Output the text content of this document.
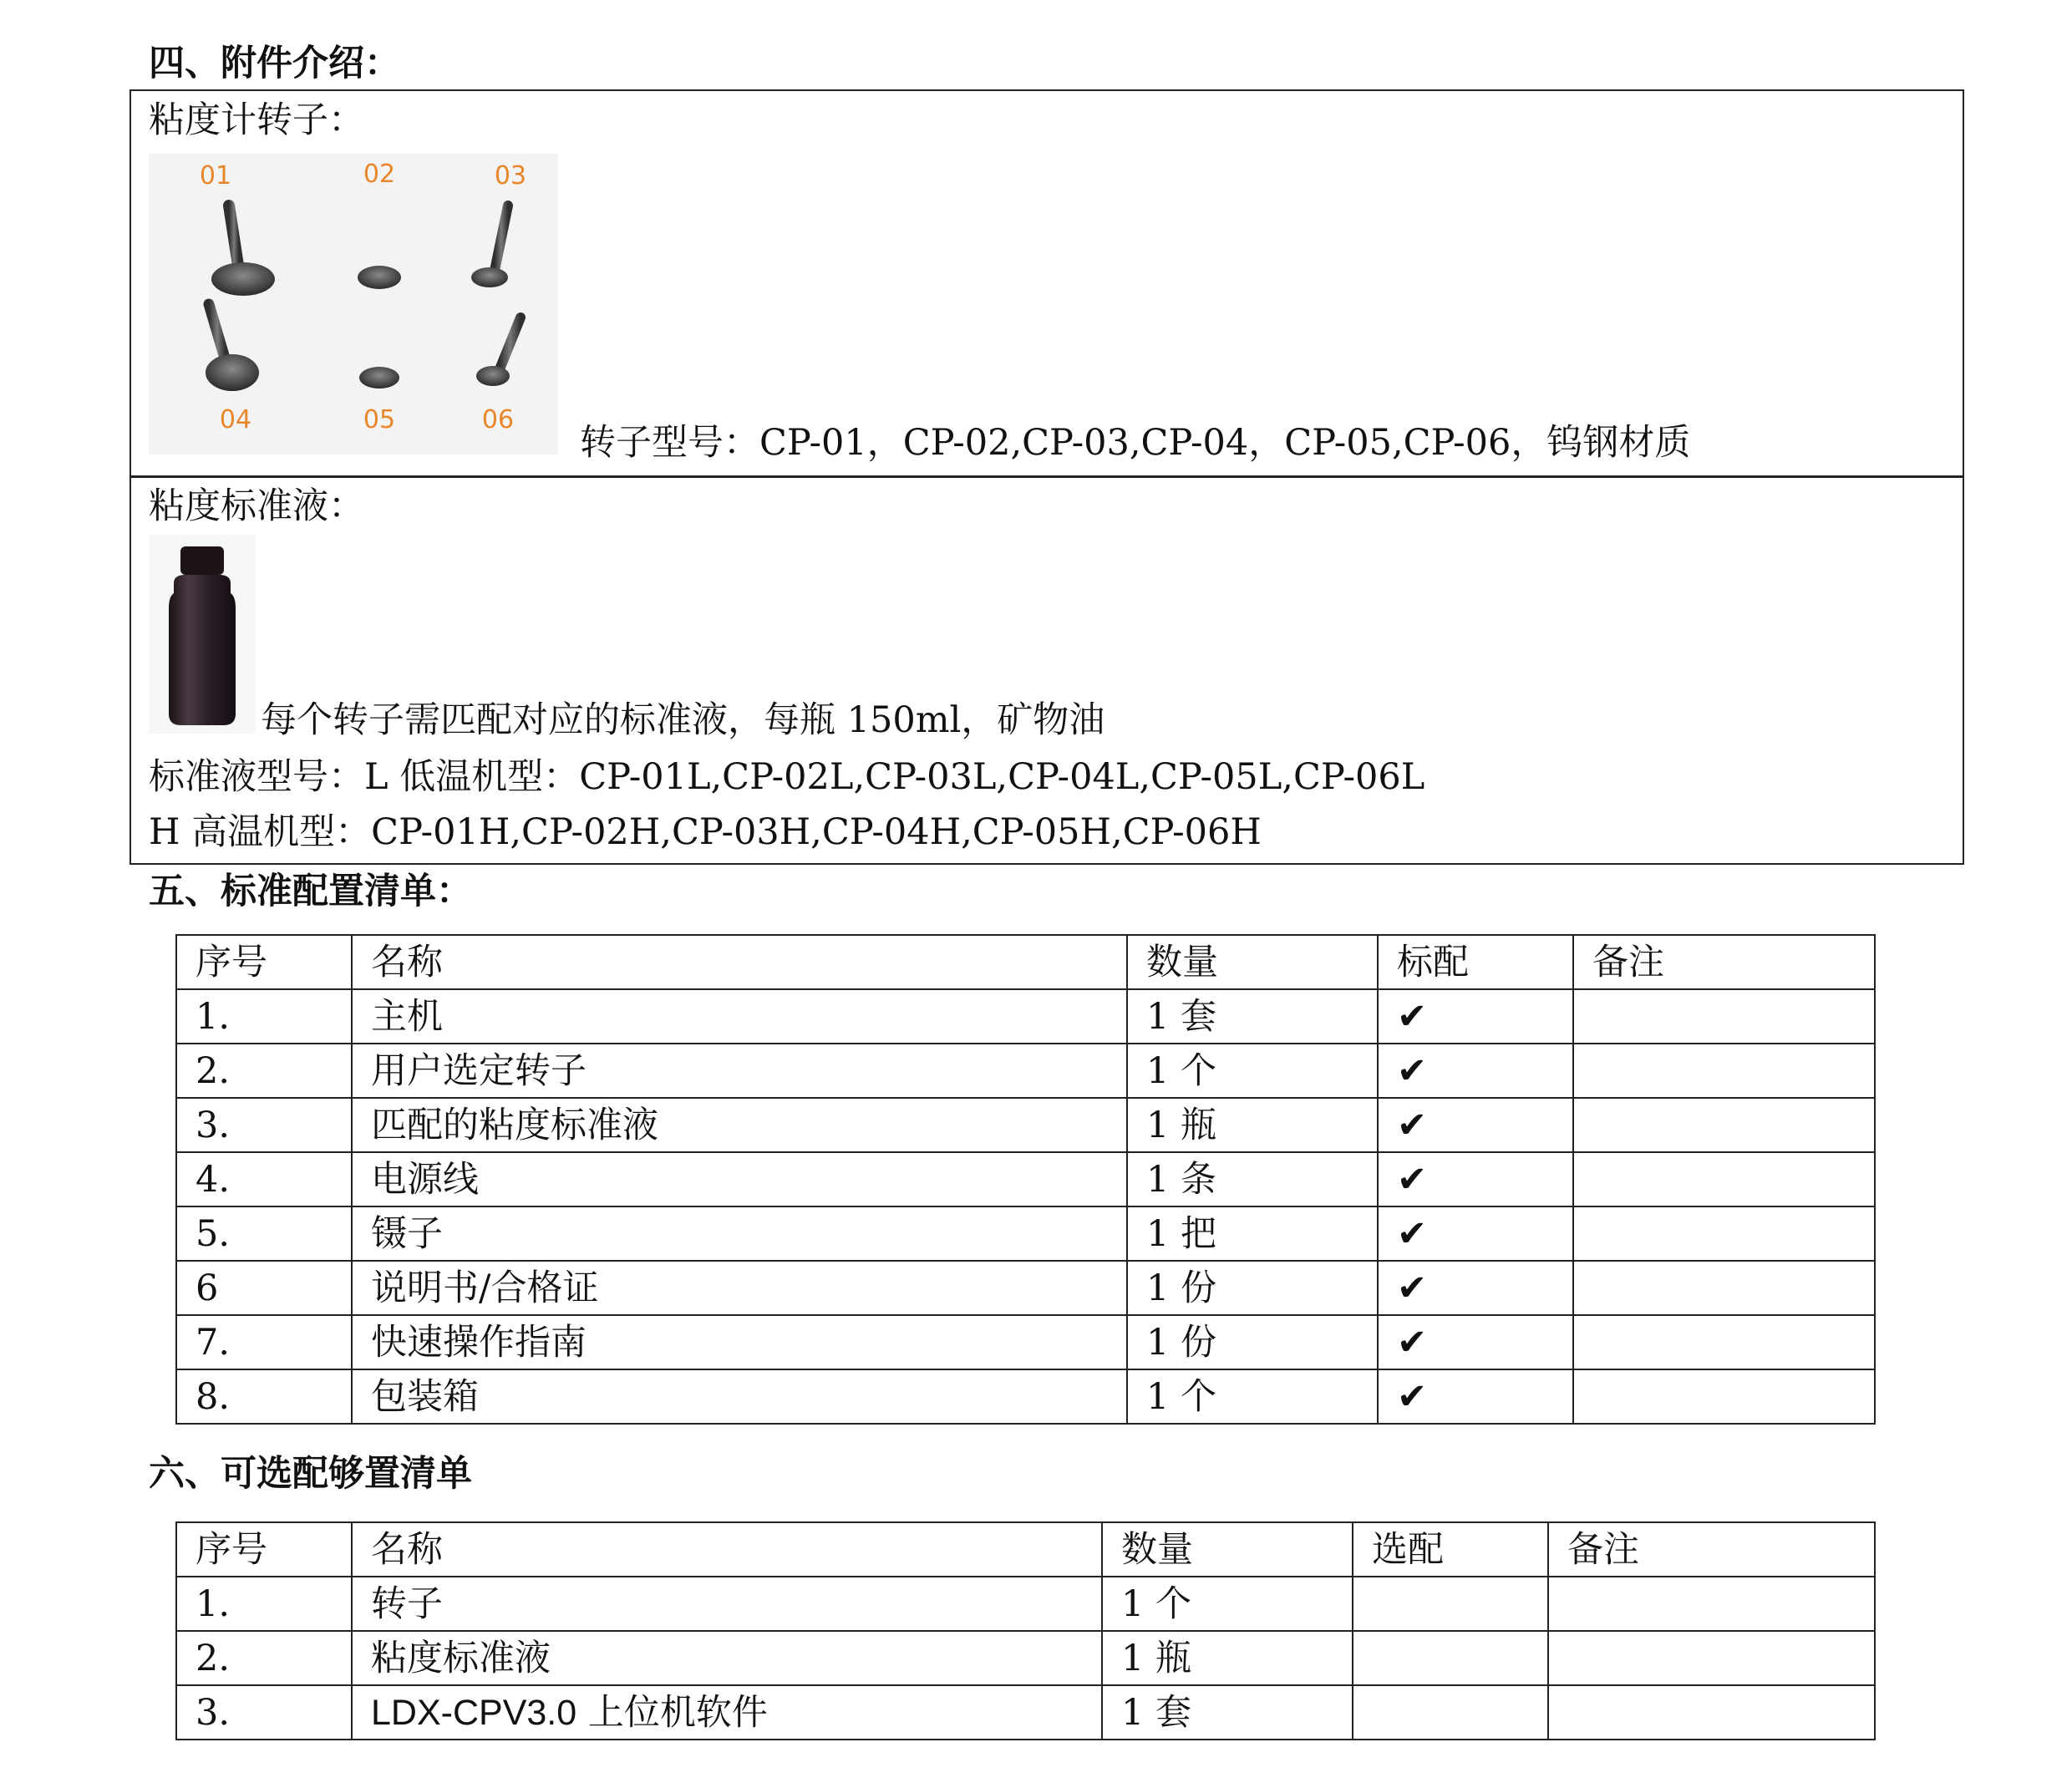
四、附件介绍：
粘度计转子：
01	02	03
04	05	06
转子型号：CP-01，CP-02,CP-03,CP-04，CP-05,CP-06，钨钢材质
粘度标准液：
每个转子需匹配对应的标准液，每瓶 150ml，矿物油
标准液型号：L 低温机型：CP-01L,CP-02L,CP-03L,CP-04L,CP-05L,CP-06L
H 高温机型：CP-01H,CP-02H,CP-03H,CP-04H,CP-05H,CP-06H
五、标准配置清单：
序号	名称	数量	标配	备注
1.	主机	1 套	✔	
2.	用户选定转子	1 个	✔	
3.	匹配的粘度标准液	1 瓶	✔	
4.	电源线	1 条	✔	
5.	镊子	1 把	✔	
6	说明书/合格证	1 份	✔	
7.	快速操作指南	1 份	✔	
8.	包装箱	1 个	✔	
六、可选配够置清单
序号	名称	数量	选配	备注
1.	转子	1 个		
2.	粘度标准液	1 瓶		
3.	LDX-CPV3.0 上位机软件	1 套		
